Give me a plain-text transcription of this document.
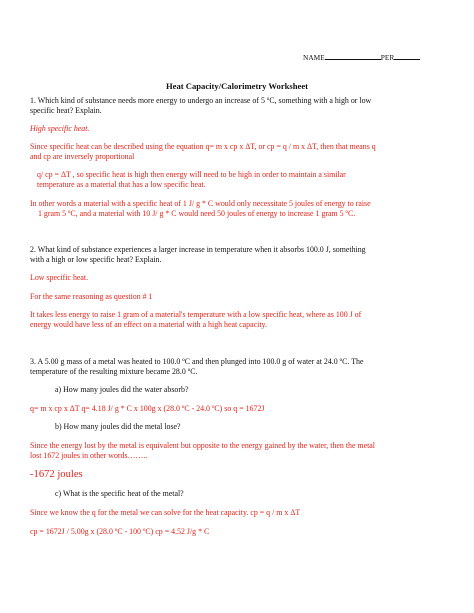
NAME	PER

Heat Capacity/Calorimetry Worksheet

1. Which kind of substance needs more energy to undergo an increase of 5 ºC, something with a high or low
specific heat? Explain.

High specific heat.

Since specific heat can be described using the equation q= m x cp x ΔT, or cp = q / m x ΔT, then that means q
and cp are inversely proportional

q/ cp = ΔT , so specific heat is high then energy will need to be high in order to maintain a similar
temperature as a material that has a low specific heat.

In other words a material with a specific heat of 1 J/ g * C would only necessitate 5 joules of energy to raise
1 gram 5 ºC, and a material with 10 J/ g * C would need 50 joules of energy to increase 1 gram 5 ºC.

2. What kind of substance experiences a larger increase in temperature when it absorbs 100.0 J, something
with a high or low specific heat? Explain.

Low specific heat.

For the same reasoning as question # 1

It takes less energy to raise 1 gram of a material's temperature with a low specific heat, where as 100 J of
energy would have less of an effect on a material with a high heat capacity.

3. A 5.00 g mass of a metal was heated to 100.0 ºC and then plunged into 100.0 g of water at 24.0 ºC. The
temperature of the resulting mixture became 28.0 ºC.

a) How many joules did the water absorb?

q= m x cp x ΔT q= 4.18 J/ g * C x 100g x (28.0 ºC - 24.0 ºC) so q = 1672J

b) How many joules did the metal lose?

Since the energy lost by the metal is equivalent but opposite to the energy gained by the water, then the metal
lost 1672 joules in other words……..

-1672 joules

c) What is the specific heat of the metal?

Since we know the q for the metal we can solve for the heat capacity. cp = q / m x ΔT

cp = 1672J / 5.00g x (28.0 ºC - 100 ºC) cp = 4.52 J/g * C
